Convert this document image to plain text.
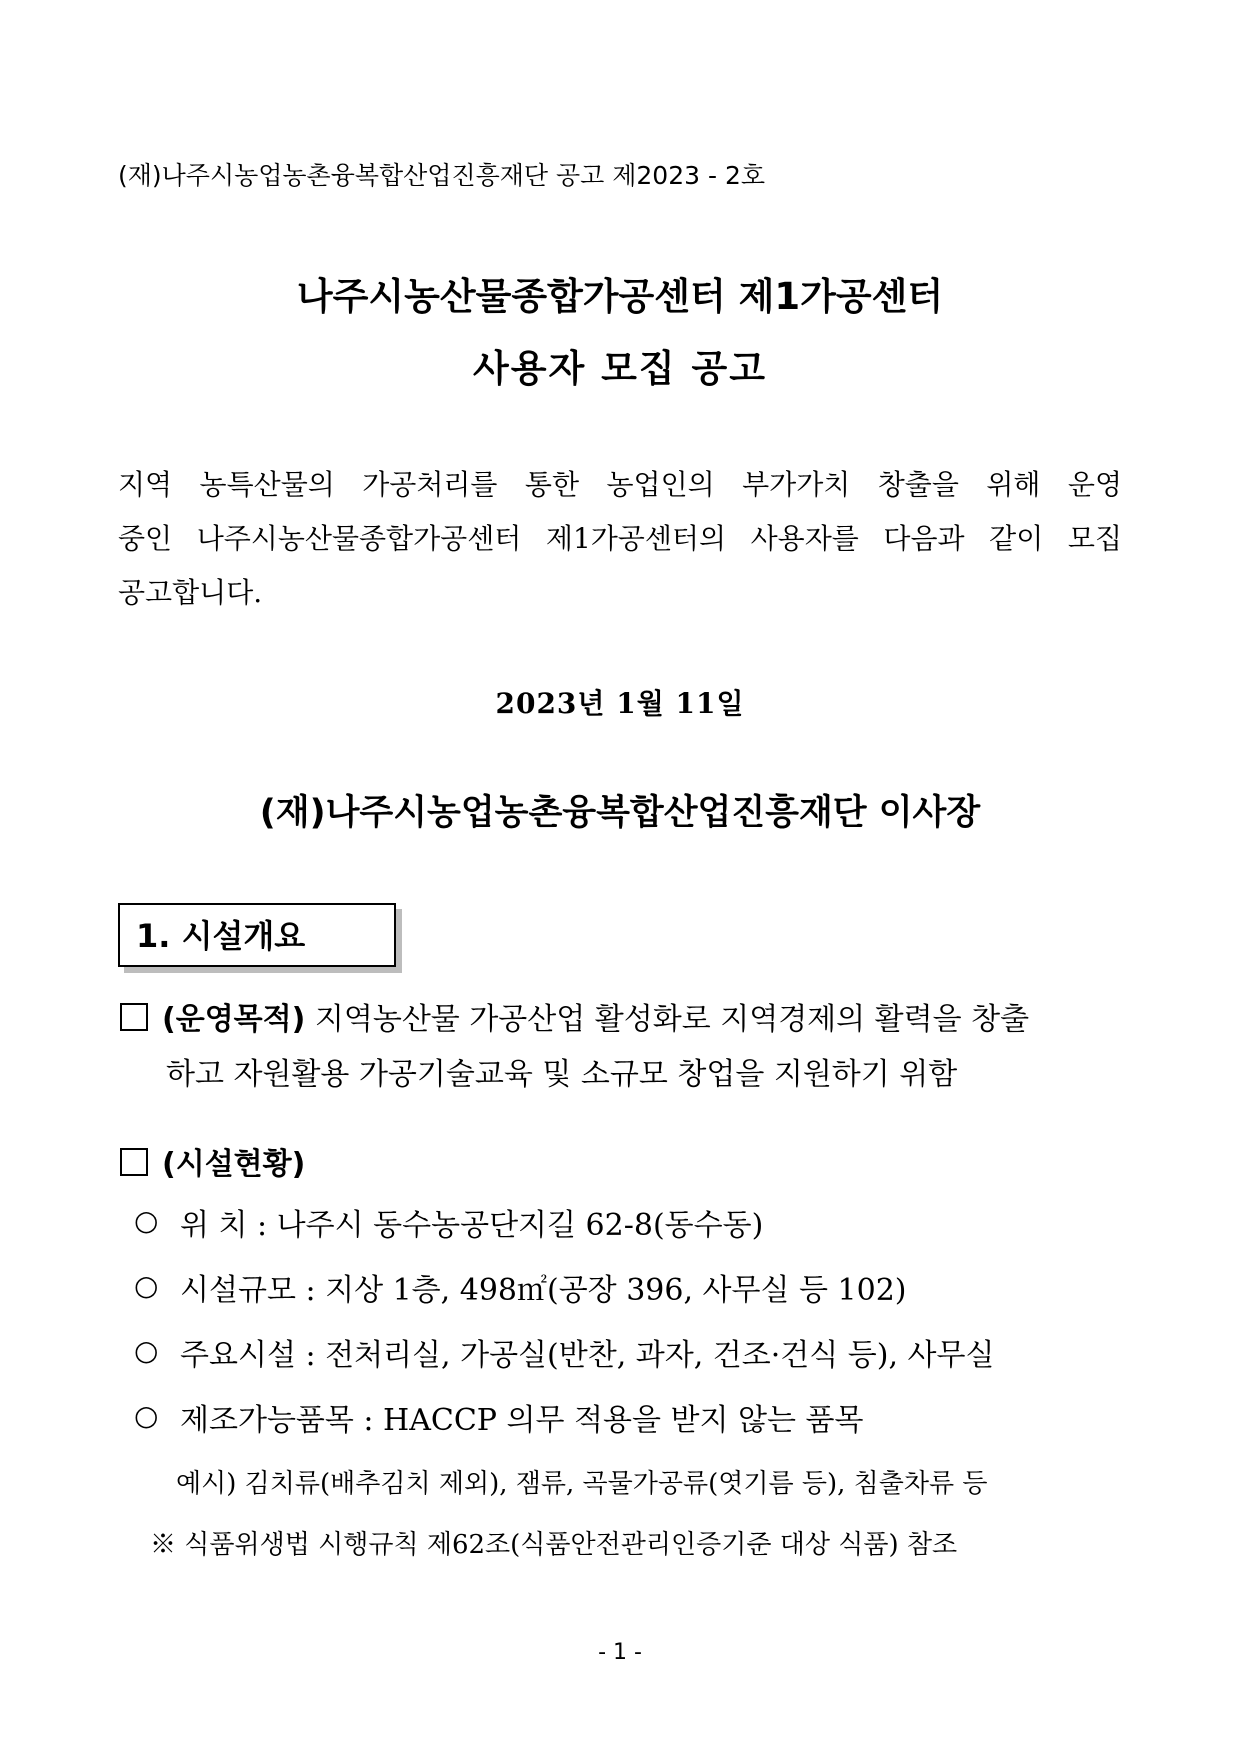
(재)나주시농업농촌융복합산업진흥재단 공고 제2023 - 2호
나주시농산물종합가공센터 제1가공센터
사용자 모집 공고
지역 농특산물의 가공처리를 통한 농업인의 부가가치 창출을 위해 운영
중인 나주시농산물종합가공센터 제1가공센터의 사용자를 다음과 같이 모집
공고합니다.
2023년 1월 11일
(재)나주시농업농촌융복합산업진흥재단 이사장
1. 시설개요
(운영목적) 지역농산물 가공산업 활성화로 지역경제의 활력을 창출
하고 자원활용 가공기술교육 및 소규모 창업을 지원하기 위함
(시설현황)
○ 위 치 : 나주시 동수농공단지길 62-8(동수동)
○ 시설규모 : 지상 1층, 498㎡(공장 396, 사무실 등 102)
○ 주요시설 : 전처리실, 가공실(반찬, 과자, 건조·건식 등), 사무실
○ 제조가능품목 : HACCP 의무 적용을 받지 않는 품목
예시) 김치류(배추김치 제외), 잼류, 곡물가공류(엿기름 등), 침출차류 등
※ 식품위생법 시행규칙 제62조(식품안전관리인증기준 대상 식품) 참조
- 1 -
